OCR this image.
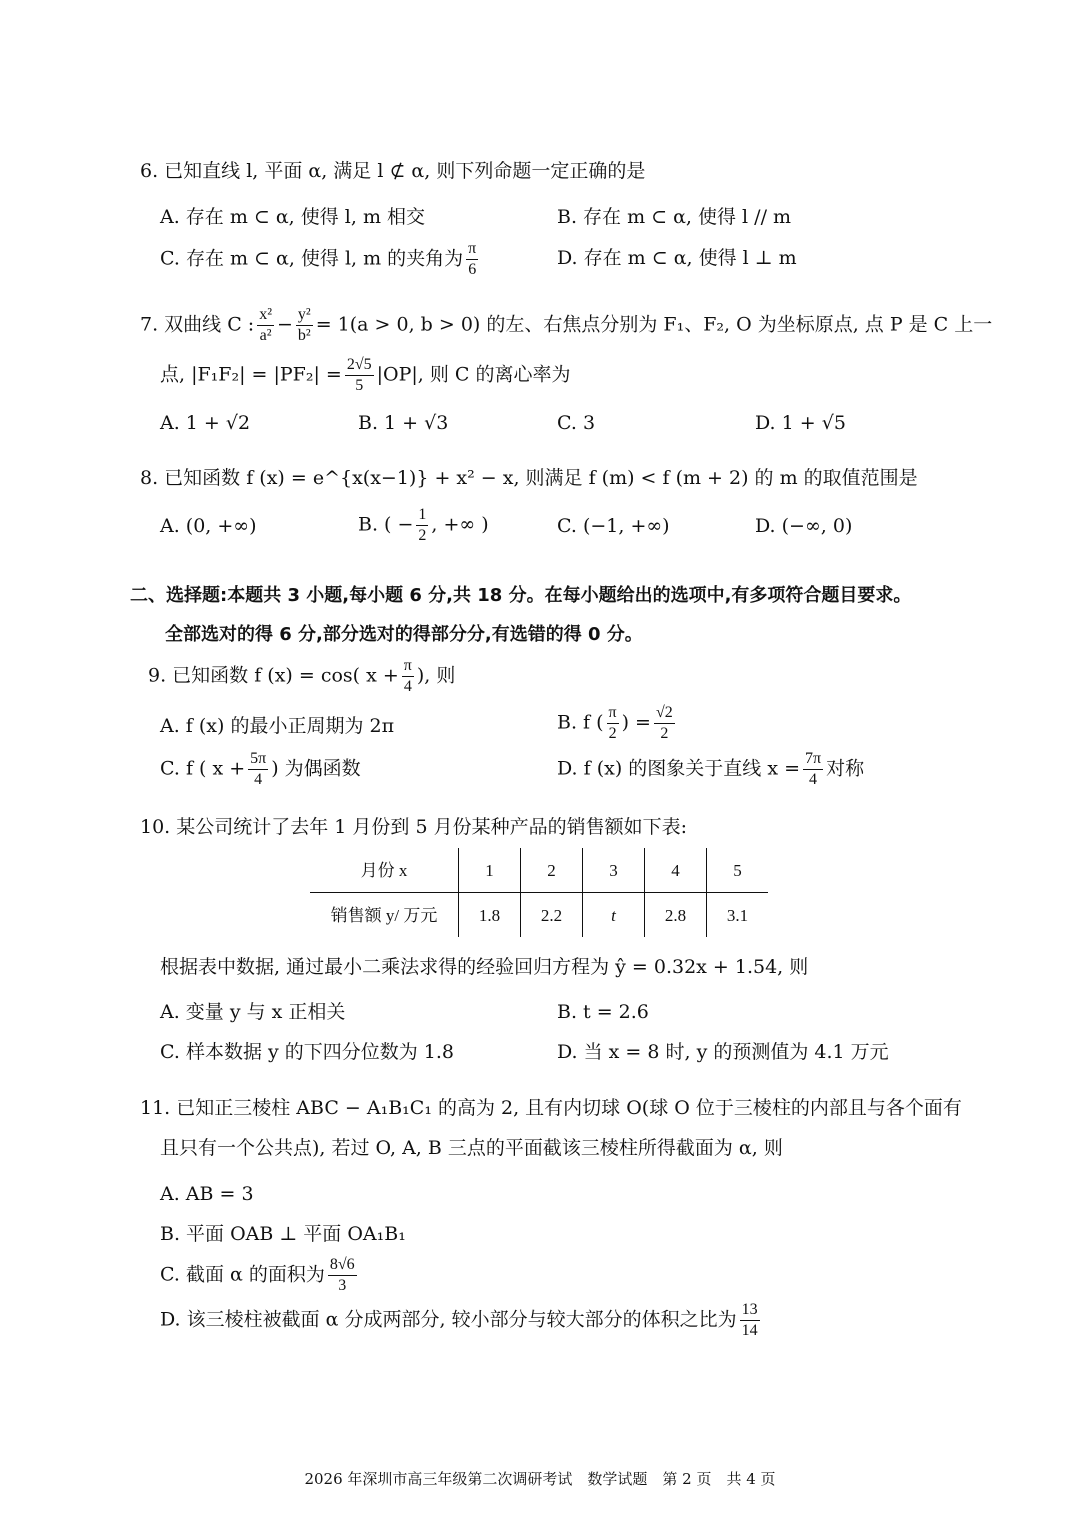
6. 已知直线 l, 平面 α, 满足 l ⊄ α, 则下列命题一定正确的是
A. 存在 m ⊂ α, 使得 l, m 相交	B. 存在 m ⊂ α, 使得 l // m
C. 存在 m ⊂ α, 使得 l, m 的夹角为 $\frac{\pi}{6}$	D. 存在 m ⊂ α, 使得 l ⊥ m
7. 双曲线 C : $\frac{\text{x²}}{\text{a²}} - \frac{\text{y²}}{\text{b²}} = 1(a > 0$, b > 0) 的左、右焦点分别为 F₁、F₂, O 为坐标原点, 点 P 是 C 上一
点, $|F_1F_2| = |PF_2| = \frac{2√5}{5} |OP|$, 则 C 的离心率为
A. 1 + √2	B. 1 + √3	C. 3	D. 1 + √5
8. 已知函数 f (x) = e^{x(x−1)} + x² − x, 则满足 f (m) < f (m + 2) 的 m 的取值范围是
A. (0, +∞)	B. ( − $\frac{1}{2}$ , +∞ )	C. (−1, +∞)	D. (−∞, 0)
二、选择题:本题共 3 小题,每小题 6 分,共 18 分。在每小题给出的选项中,有多项符合题目要求。
全部选对的得 6 分,部分选对的得部分分,有选错的得 0 分。
9. 已知函数 f (x) = cos( $x + \frac{\pi}{4}$ ), 则
A. f (x) 的最小正周期为 2π	B. f ( $\frac{\pi}{2}$ ) = $\frac{√2}{2}$
C. f ( $x + \frac{5\pi}{4}$ ) 为偶函数	D. f (x) 的图象关于直线 $x = \frac{7\pi}{4}$ 对称
10. 某公司统计了去年 1 月份到 5 月份某种产品的销售额如下表:
月份 x	1	2	3	4	5
销售额 y/ 万元	1.8	2.2	t	2.8	3.1
根据表中数据, 通过最小二乘法求得的经验回归方程为 ŷ = 0.32x + 1.54, 则
A. 变量 y 与 x 正相关	B. t = 2.6
C. 样本数据 y 的下四分位数为 1.8	D. 当 x = 8 时, y 的预测值为 4.1 万元
11. 已知正三棱柱 ABC − A₁B₁C₁ 的高为 2, 且有内切球 O(球 O 位于三棱柱的内部且与各个面有
且只有一个公共点), 若过 O, A, B 三点的平面截该三棱柱所得截面为 α, 则
A. AB = 3
B. 平面 OAB ⊥ 平面 OA₁B₁
C. 截面 α 的面积为 $\frac{8√6}{3}$
D. 该三棱柱被截面 α 分成两部分, 较小部分与较大部分的体积之比为 $\frac{13}{14}$
2026 年深圳市高三年级第二次调研考试　数学试题　第 2 页　共 4 页
